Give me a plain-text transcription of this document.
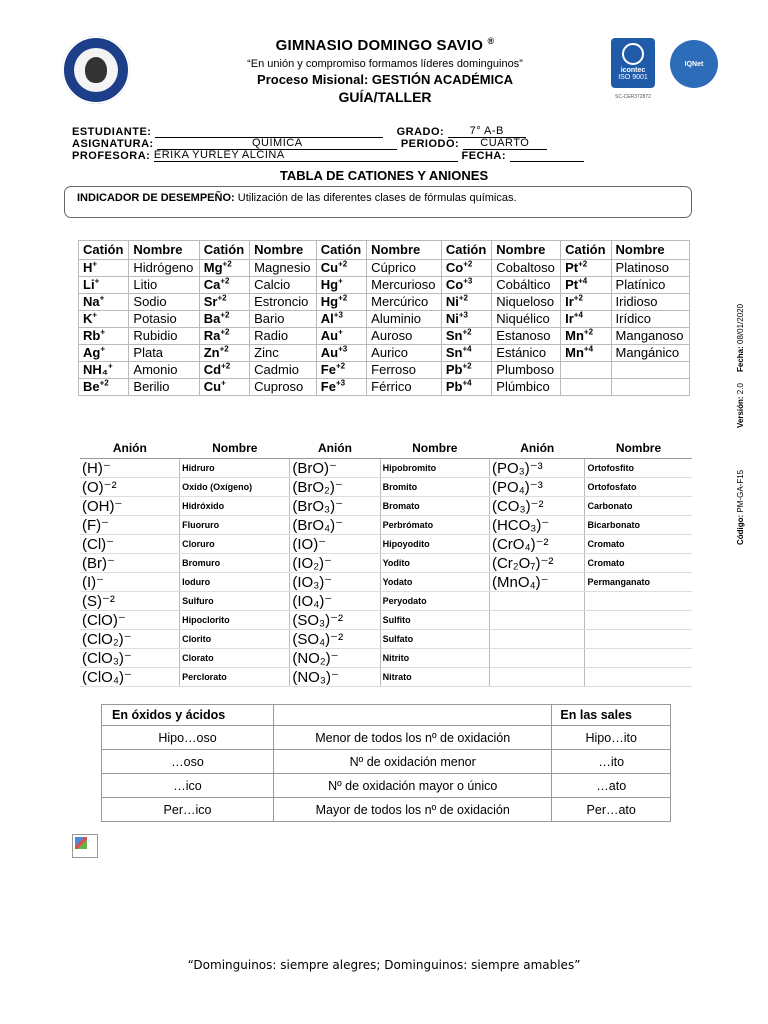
GIMNASIO DOMINGO SAVIO ®
“En unión y compromiso formamos líderes dominguinos”
Proceso Misional: GESTIÓN ACADÉMICA
GUÍA/TALLER
icontec
ISO 9001
IQNet
SC-CER372872
ESTUDIANTE:	GRADO: 7° A-B
ASIGNATURA:	QUIMICA	PERIODO: CUARTO
PROFESORA: ERIKA YURLEY ALCINA	FECHA:
TABLA DE CATIONES Y ANIONES
INDICADOR DE DESEMPEÑO: Utilización de las diferentes clases de fórmulas químicas.
Catión	Nombre	Catión	Nombre	Catión	Nombre	Catión	Nombre	Catión	Nombre
H+	Hidrógeno	$Mg^{+2}$	Magnesio	$Cu^{+2}$	Cúprico	$Co^{+2}$	Cobaltoso	$Pt^{+2}$	Platinoso
Li+	Litio	$Ca^{+2}$	Calcio	Hg+	Mercurioso	$Co^{+3}$	Cobáltico	$Pt^{+4}$	Platínico
Na+	Sodio	$Sr^{+2}$	Estroncio	$Hg^{+2}$	Mercúrico	$Ni^{+2}$	Niqueloso	$Ir^{+2}$	Iridioso
K+	Potasio	$Ba^{+2}$	Bario	$Al^{+3}$	Aluminio	$Ni^{+3}$	Niquélico	$Ir^{+4}$	Irídico
Rb+	Rubidio	$Ra^{+2}$	Radio	Au+	Auroso	$Sn^{+2}$	Estanoso	$Mn^{+2}$	Manganoso
Ag+	Plata	$Zn^{+2}$	Zinc	$Au^{+3}$	Aurico	$Sn^{+4}$	Estánico	$Mn^{+4}$	Mangánico
NH₄+	Amonio	$Cd^{+2}$	Cadmio	$Fe^{+2}$	Ferroso	$Pb^{+2}$	Plumboso		
$Be^{+2}$	Berilio	Cu+	Cuproso	$Fe^{+3}$	Férrico	$Pb^{+4}$	Plúmbico		
Anión	Nombre	Anión	Nombre	Anión	Nombre
(H)⁻	Hidruro	(BrO)⁻	Hipobromito	(PO₃)⁻³	Ortofosfito
(O)⁻²	Oxido (Oxígeno)	(BrO₂)⁻	Bromito	(PO₄)⁻³	Ortofosfato
(OH)⁻	Hidróxido	(BrO₃)⁻	Bromato	(CO₃)⁻²	Carbonato
(F)⁻	Fluoruro	(BrO₄)⁻	Perbrómato	(HCO₃)⁻	Bicarbonato
(Cl)⁻	Cloruro	(IO)⁻	Hipoyodito	(CrO₄)⁻²	Cromato
(Br)⁻	Bromuro	(IO₂)⁻	Yodito	(Cr₂O₇)⁻²	Cromato
(I)⁻	Ioduro	(IO₃)⁻	Yodato	(MnO₄)⁻	Permanganato
(S)⁻²	Sulfuro	(IO₄)⁻	Peryodato		
(ClO)⁻	Hipoclorito	(SO₃)⁻²	Sulfito		
(ClO₂)⁻	Clorito	(SO₄)⁻²	Sulfato		
(ClO₃)⁻	Clorato	(NO₂)⁻	Nitrito		
(ClO₄)⁻	Perclorato	(NO₃)⁻	Nitrato		
En óxidos y ácidos		En las sales
Hipo…oso	Menor de todos los nº de oxidación	Hipo…ito
…oso	Nº de oxidación menor	…ito
…ico	Nº de oxidación mayor o único	…ato
Per…ico	Mayor de todos los nº de oxidación	Per…ato
Fecha: 08/01/2020
Versión: 2.0
Código: PM-GA-F15
“Dominguinos: siempre alegres; Dominguinos: siempre amables”
